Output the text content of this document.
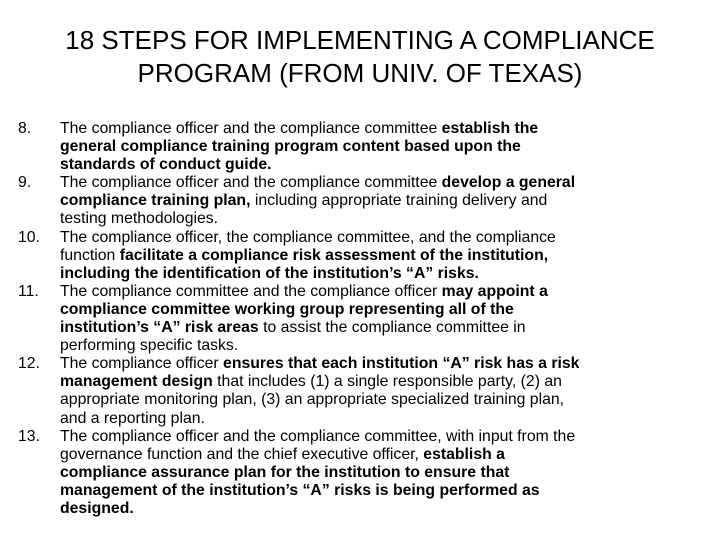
18 STEPS FOR IMPLEMENTING A COMPLIANCE
PROGRAM (FROM UNIV. OF TEXAS)
8.	The compliance officer and the compliance committee establish the
general compliance training program content based upon the
standards of conduct guide.
9.	The compliance officer and the compliance committee develop a general
compliance training plan, including appropriate training delivery and
testing methodologies.
10.	The compliance officer, the compliance committee, and the compliance
function facilitate a compliance risk assessment of the institution,
including the identification of the institution’s “A” risks.
11.	The compliance committee and the compliance officer may appoint a
compliance committee working group representing all of the
institution’s “A” risk areas to assist the compliance committee in
performing specific tasks.
12.	The compliance officer ensures that each institution “A” risk has a risk
management design that includes (1) a single responsible party, (2) an
appropriate monitoring plan, (3) an appropriate specialized training plan,
and a reporting plan.
13.	The compliance officer and the compliance committee, with input from the
governance function and the chief executive officer, establish a
compliance assurance plan for the institution to ensure that
management of the institution’s “A” risks is being performed as
designed.
